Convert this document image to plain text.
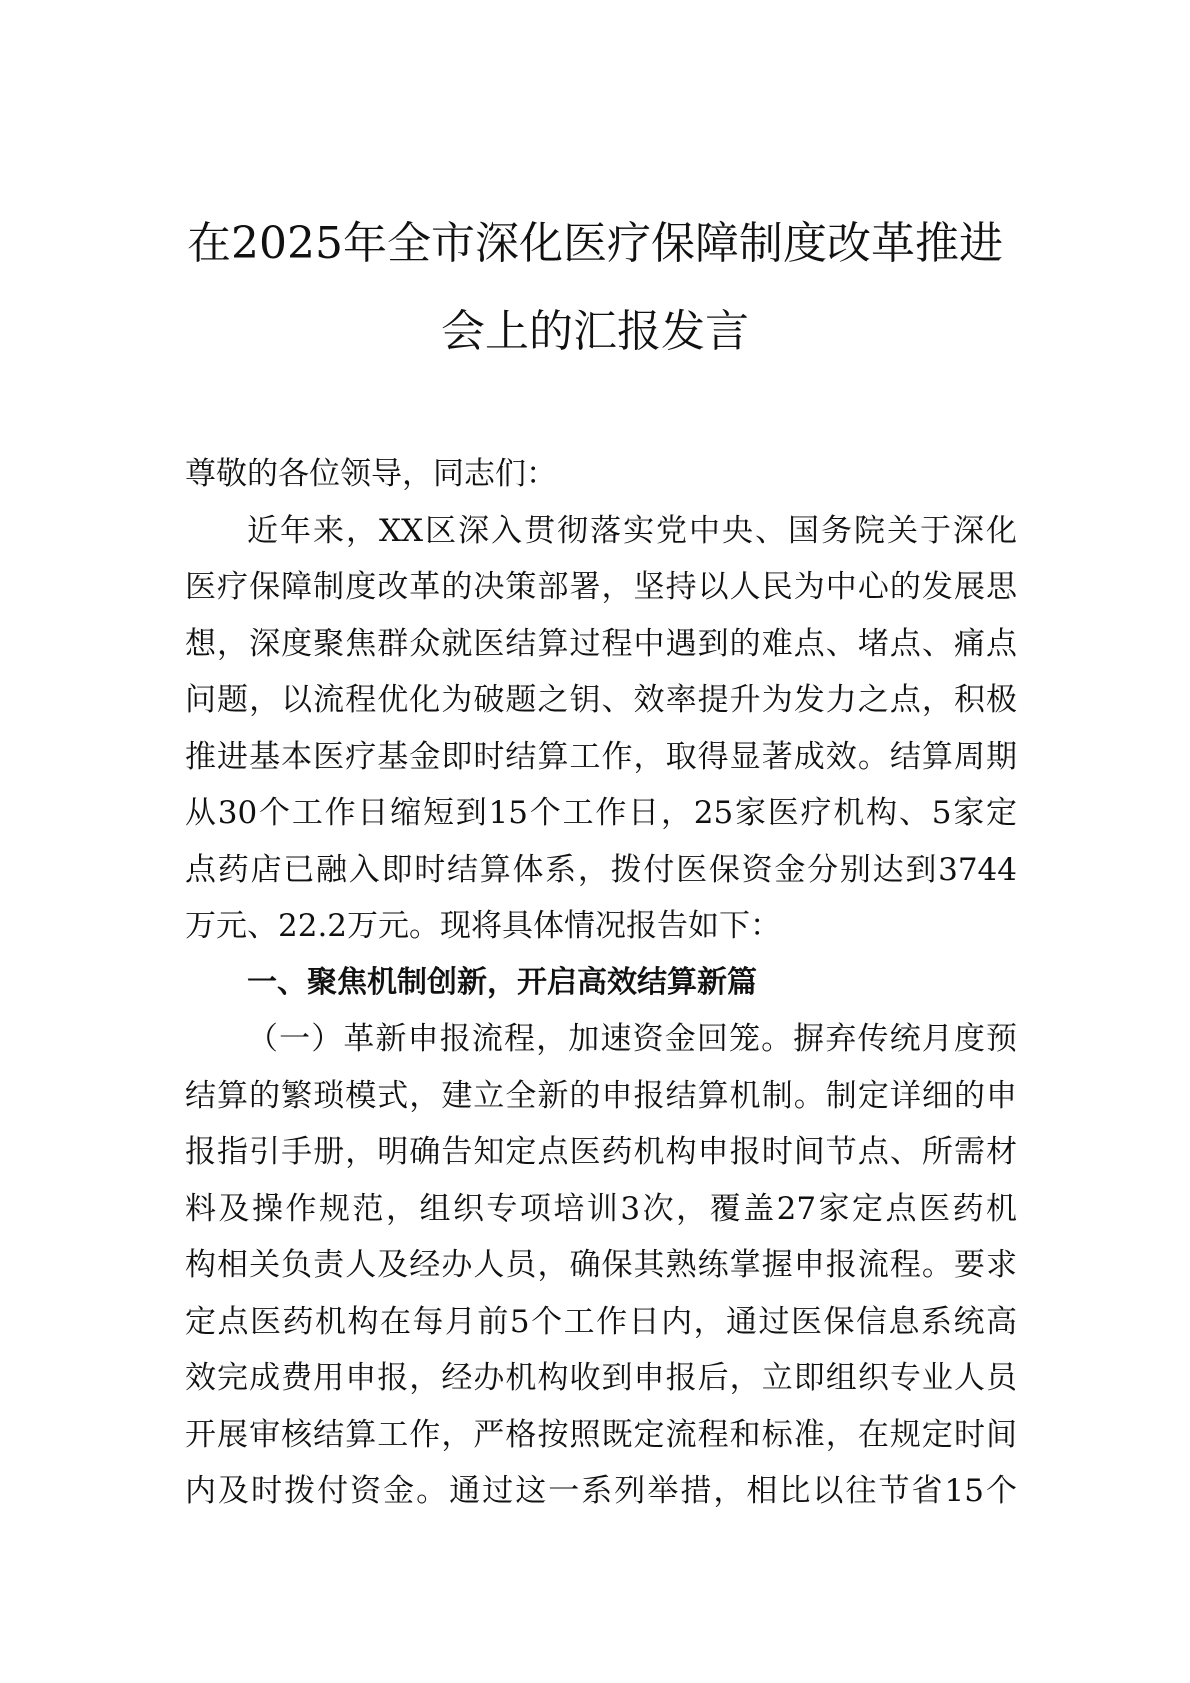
在2025年全市深化医疗保障制度改革推进
会上的汇报发言

尊敬的各位领导，同志们：

近年来，XX区深入贯彻落实党中央、国务院关于深化
医疗保障制度改革的决策部署，坚持以人民为中心的发展思
想，深度聚焦群众就医结算过程中遇到的难点、堵点、痛点
问题，以流程优化为破题之钥、效率提升为发力之点，积极
推进基本医疗基金即时结算工作，取得显著成效。结算周期
从30个工作日缩短到15个工作日，25家医疗机构、5家定
点药店已融入即时结算体系，拨付医保资金分别达到3744
万元、22.2万元。现将具体情况报告如下：

一、聚焦机制创新，开启高效结算新篇

（一）革新申报流程，加速资金回笼。摒弃传统月度预
结算的繁琐模式，建立全新的申报结算机制。制定详细的申
报指引手册，明确告知定点医药机构申报时间节点、所需材
料及操作规范，组织专项培训3次，覆盖27家定点医药机
构相关负责人及经办人员，确保其熟练掌握申报流程。要求
定点医药机构在每月前5个工作日内，通过医保信息系统高
效完成费用申报，经办机构收到申报后，立即组织专业人员
开展审核结算工作，严格按照既定流程和标准，在规定时间
内及时拨付资金。通过这一系列举措，相比以往节省15个
